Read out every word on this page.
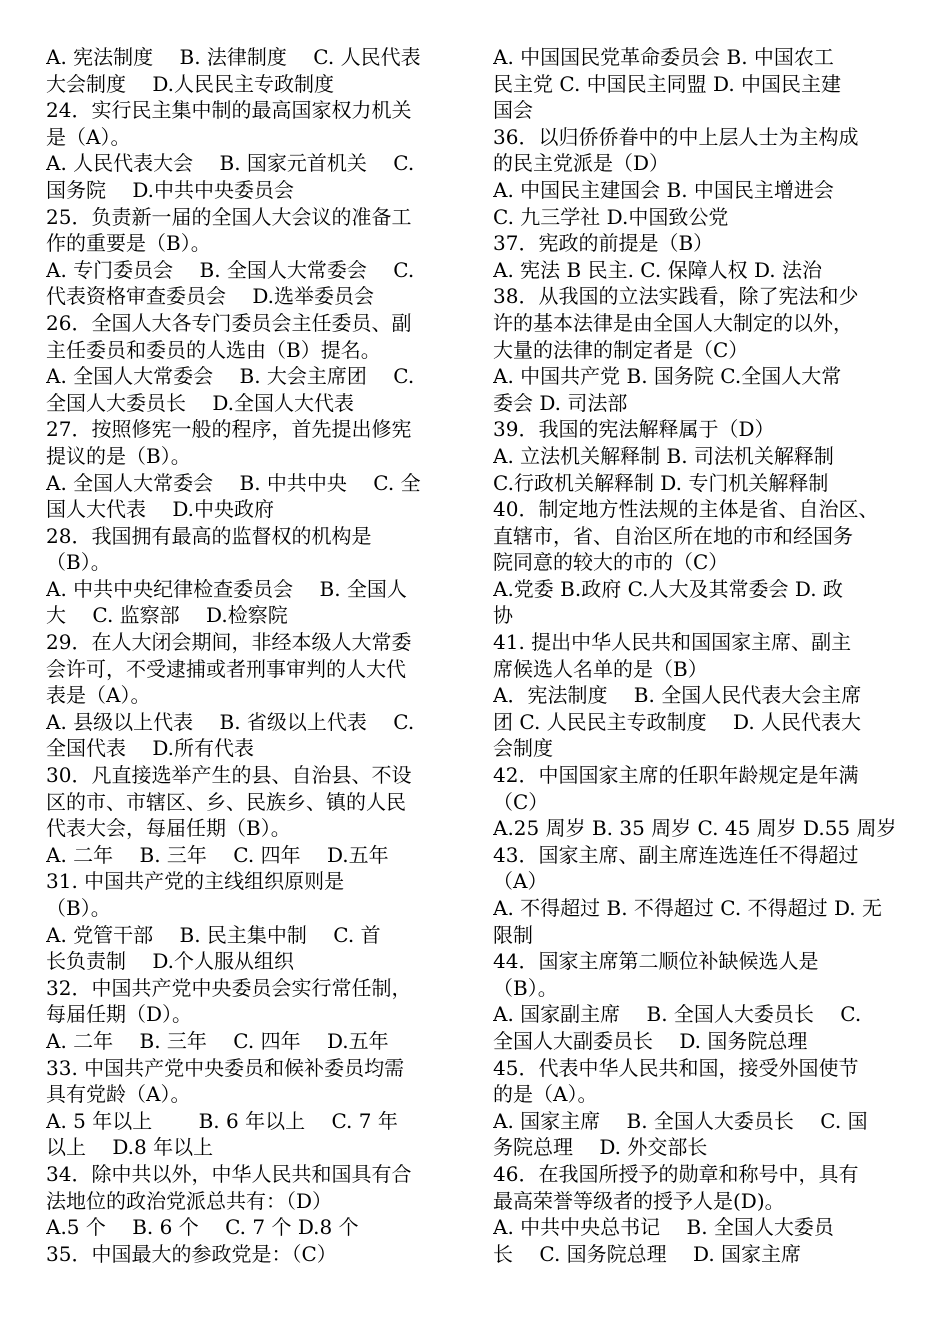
A. 宪法制度　 B. 法律制度　 C. 人民代表
大会制度　 D.人民民主专政制度
24．实行民主集中制的最高国家权力机关
是（A）。
A. 人民代表大会　 B. 国家元首机关　 C.
国务院　 D.中共中央委员会
25．负责新一届的全国人大会议的准备工
作的重要是（B）。
A. 专门委员会　 B. 全国人大常委会　 C.
代表资格审查委员会　 D.选举委员会
26．全国人大各专门委员会主任委员、副
主任委员和委员的人选由（B）提名。
A. 全国人大常委会　 B. 大会主席团　 C.
全国人大委员长　 D.全国人大代表
27．按照修宪一般的程序，首先提出修宪
提议的是（B）。
A. 全国人大常委会　 B. 中共中央　 C. 全
国人大代表　 D.中央政府
28．我国拥有最高的监督权的机构是
（B）。
A. 中共中央纪律检查委员会　 B. 全国人
大　 C. 监察部　 D.检察院
29．在人大闭会期间，非经本级人大常委
会许可，不受逮捕或者刑事审判的人大代
表是（A）。
A. 县级以上代表　 B. 省级以上代表　 C.
全国代表　 D.所有代表
30．凡直接选举产生的县、自治县、不设
区的市、市辖区、乡、民族乡、镇的人民
代表大会，每届任期（B）。
A. 二年　 B. 三年　 C. 四年　 D.五年
31. 中国共产党的主线组织原则是
（B）。
A. 党管干部　 B. 民主集中制　 C. 首
长负责制　 D.个人服从组织
32．中国共产党中央委员会实行常任制，
每届任期（D）。
A. 二年　 B. 三年　 C. 四年　 D.五年
33. 中国共产党中央委员和候补委员均需
具有党龄（A）。
A. 5 年以上　　 B. 6 年以上　 C. 7 年
以上　 D.8 年以上
34．除中共以外，中华人民共和国具有合
法地位的政治党派总共有：（D）
A.5 个　 B. 6 个　 C. 7 个 D.8 个
35．中国最大的参政党是：（C）
A. 中国国民党革命委员会 B. 中国农工
民主党 C. 中国民主同盟 D. 中国民主建
国会
36．以归侨侨眷中的中上层人士为主构成
的民主党派是（D）
A. 中国民主建国会 B. 中国民主增进会
C. 九三学社 D.中国致公党
37．宪政的前提是（B）
A. 宪法 B 民主. C. 保障人权 D. 法治
38．从我国的立法实践看，除了宪法和少
许的基本法律是由全国人大制定的以外，
大量的法律的制定者是（C）
A. 中国共产党 B. 国务院 C.全国人大常
委会 D. 司法部
39．我国的宪法解释属于（D）
A. 立法机关解释制 B. 司法机关解释制
C.行政机关解释制 D. 专门机关解释制
40．制定地方性法规的主体是省、自治区、
直辖市，省、自治区所在地的市和经国务
院同意的较大的市的（C）
A.党委 B.政府 C.人大及其常委会 D. 政
协
41. 提出中华人民共和国国家主席、副主
席候选人名单的是（B）
A．宪法制度　 B. 全国人民代表大会主席
团 C. 人民民主专政制度　 D. 人民代表大
会制度
42．中国国家主席的任职年龄规定是年满
（C）
A.25 周岁 B. 35 周岁 C. 45 周岁 D.55 周岁
43．国家主席、副主席连选连任不得超过
（A）
A. 不得超过 B. 不得超过 C. 不得超过 D. 无
限制
44．国家主席第二顺位补缺候选人是
（B）。
A. 国家副主席　 B. 全国人大委员长　 C.
全国人大副委员长　 D. 国务院总理
45．代表中华人民共和国，接受外国使节
的是（A）。
A. 国家主席　 B. 全国人大委员长　 C. 国
务院总理　 D. 外交部长
46．在我国所授予的勋章和称号中，具有
最高荣誉等级者的授予人是(D)。
A. 中共中央总书记　 B. 全国人大委员
长　 C. 国务院总理　 D. 国家主席
